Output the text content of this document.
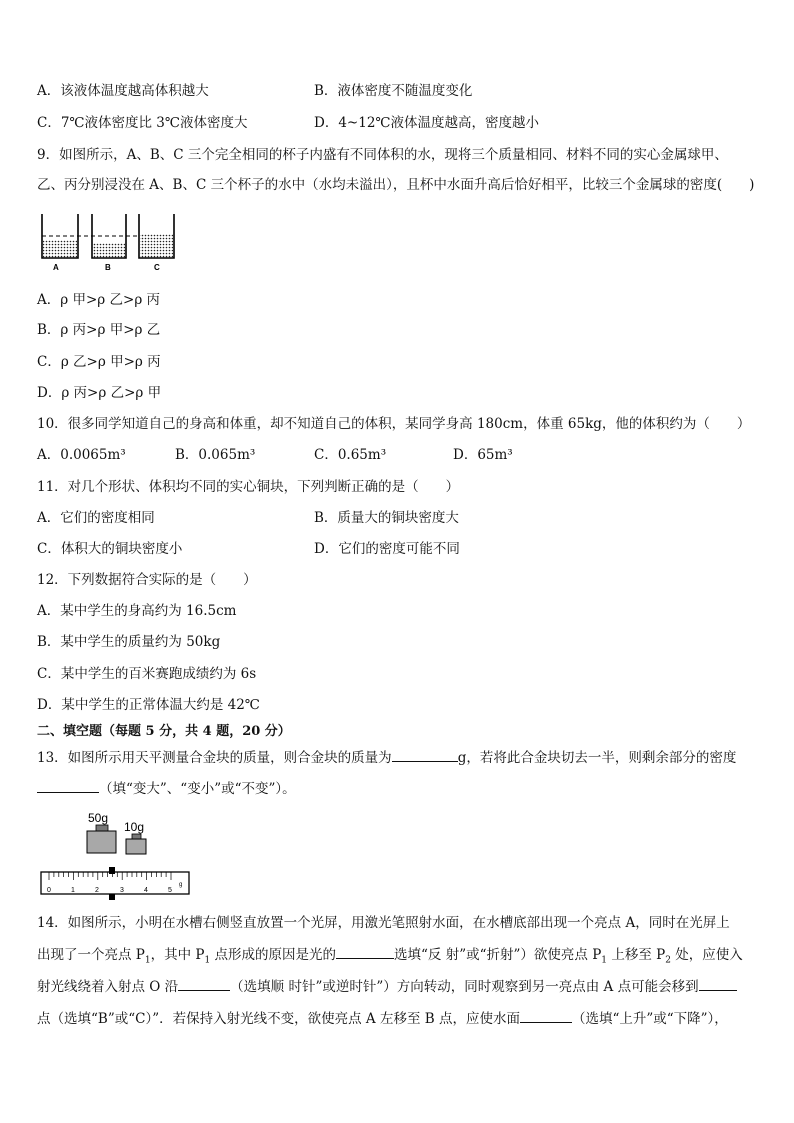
A．该液体温度越高体积越大	B．液体密度不随温度变化
C．7℃液体密度比 3℃液体密度大	D．4~12℃液体温度越高，密度越小
9．如图所示，A、B、C 三个完全相同的杯子内盛有不同体积的水，现将三个质量相同、材料不同的实心金属球甲、
乙、丙分别浸没在 A、B、C 三个杯子的水中（水均未溢出），且杯中水面升高后恰好相平，比较三个金属球的密度(　　)
A	B	C
A．ρ 甲>ρ 乙>ρ 丙
B．ρ 丙>ρ 甲>ρ 乙
C．ρ 乙>ρ 甲>ρ 丙
D．ρ 丙>ρ 乙>ρ 甲
10．很多同学知道自己的身高和体重，却不知道自己的体积，某同学身高 180cm，体重 65kg，他的体积约为（　　）
A．0.0065m³	B．0.065m³	C．0.65m³	D．65m³
11．对几个形状、体积均不同的实心铜块，下列判断正确的是（　　）
A．它们的密度相同	B．质量大的铜块密度大
C．体积大的铜块密度小	D．它们的密度可能不同
12．下列数据符合实际的是（　　）
A．某中学生的身高约为 16.5cm
B．某中学生的质量约为 50kg
C．某中学生的百米赛跑成绩约为 6s
D．某中学生的正常体温大约是 42℃
二、填空题（每题 5 分，共 4 题，20 分）
13．如图所示用天平测量合金块的质量，则合金块的质量为	g，若将此合金块切去一半，则剩余部分的密度
（填“变大”、“变小”或“不变”）。
50g
10g
0	1	2	3	4	5
g
14．如图所示，小明在水槽右侧竖直放置一个光屏，用激光笔照射水面，在水槽底部出现一个亮点 A，同时在光屏上
出现了一个亮点 $P_1$，其中 $P_1$ 点形成的原因是光的	选填“反 射”或“折射”）欲使亮点 $P_1$ 上移至 $P_2$ 处，应使入
射光线绕着入射点 O 沿	（选填顺 时针”或逆时针”）方向转动，同时观察到另一亮点由 A 点可能会移到
点（选填“B”或“C）”．若保持入射光线不变，欲使亮点 A 左移至 B 点，应使水面	（选填“上升”或“下降”），
